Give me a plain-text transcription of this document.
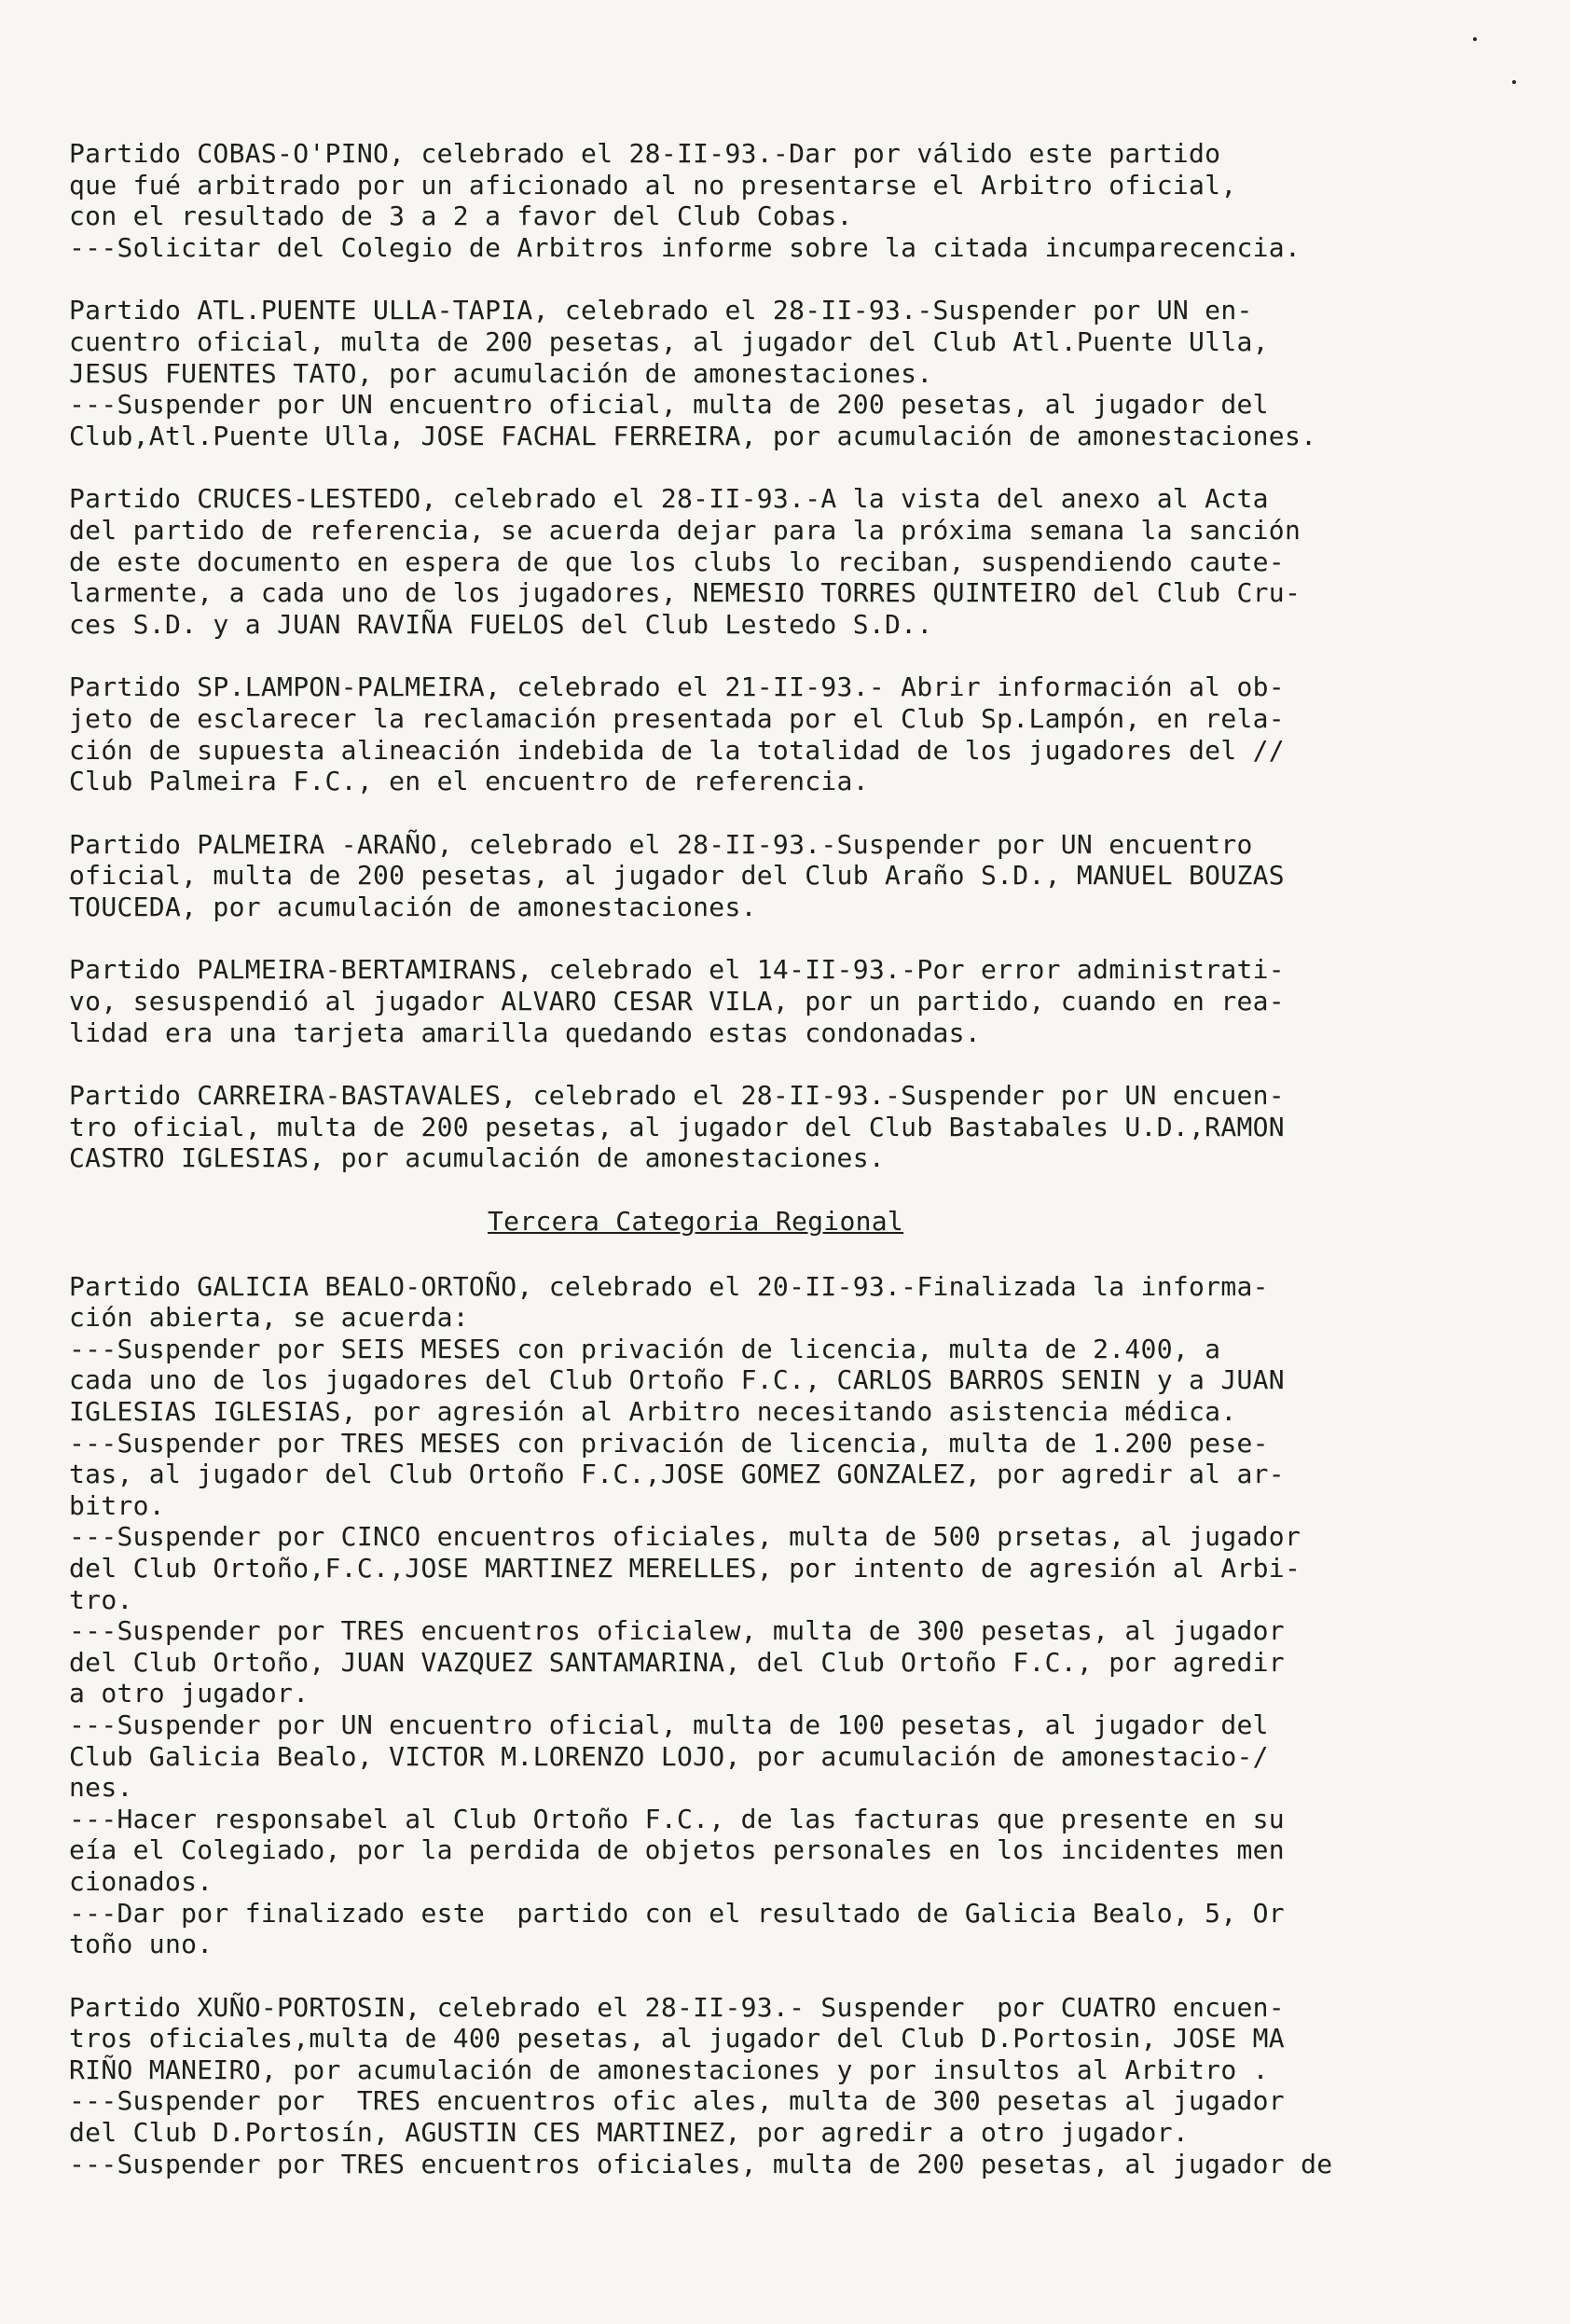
Partido COBAS-O'PINO, celebrado el 28-II-93.-Dar por válido este partido
que fué arbitrado por un aficionado al no presentarse el Arbitro oficial,
con el resultado de 3 a 2 a favor del Club Cobas.
---Solicitar del Colegio de Arbitros informe sobre la citada incumparecencia.
Partido ATL.PUENTE ULLA-TAPIA, celebrado el 28-II-93.-Suspender por UN en-
cuentro oficial, multa de 200 pesetas, al jugador del Club Atl.Puente Ulla,
JESUS FUENTES TATO, por acumulación de amonestaciones.
---Suspender por UN encuentro oficial, multa de 200 pesetas, al jugador del
Club,Atl.Puente Ulla, JOSE FACHAL FERREIRA, por acumulación de amonestaciones.
Partido CRUCES-LESTEDO, celebrado el 28-II-93.-A la vista del anexo al Acta
del partido de referencia, se acuerda dejar para la próxima semana la sanción
de este documento en espera de que los clubs lo reciban, suspendiendo caute-
larmente, a cada uno de los jugadores, NEMESIO TORRES QUINTEIRO del Club Cru-
ces S.D. y a JUAN RAVIÑA FUELOS del Club Lestedo S.D..
Partido SP.LAMPON-PALMEIRA, celebrado el 21-II-93.- Abrir información al ob-
jeto de esclarecer la reclamación presentada por el Club Sp.Lampón, en rela-
ción de supuesta alineación indebida de la totalidad de los jugadores del //
Club Palmeira F.C., en el encuentro de referencia.
Partido PALMEIRA -ARAÑO, celebrado el 28-II-93.-Suspender por UN encuentro
oficial, multa de 200 pesetas, al jugador del Club Araño S.D., MANUEL BOUZAS
TOUCEDA, por acumulación de amonestaciones.
Partido PALMEIRA-BERTAMIRANS, celebrado el 14-II-93.-Por error administrati-
vo, sesuspendió al jugador ALVARO CESAR VILA, por un partido, cuando en rea-
lidad era una tarjeta amarilla quedando estas condonadas.
Partido CARREIRA-BASTAVALES, celebrado el 28-II-93.-Suspender por UN encuen-
tro oficial, multa de 200 pesetas, al jugador del Club Bastabales U.D.,RAMON
CASTRO IGLESIAS, por acumulación de amonestaciones.
Tercera Categoria Regional
Partido GALICIA BEALO-ORTOÑO, celebrado el 20-II-93.-Finalizada la informa-
ción abierta, se acuerda:
---Suspender por SEIS MESES con privación de licencia, multa de 2.400, a
cada uno de los jugadores del Club Ortoño F.C., CARLOS BARROS SENIN y a JUAN
IGLESIAS IGLESIAS, por agresión al Arbitro necesitando asistencia médica.
---Suspender por TRES MESES con privación de licencia, multa de 1.200 pese-
tas, al jugador del Club Ortoño F.C.,JOSE GOMEZ GONZALEZ, por agredir al ar-
bitro.
---Suspender por CINCO encuentros oficiales, multa de 500 prsetas, al jugador
del Club Ortoño,F.C.,JOSE MARTINEZ MERELLES, por intento de agresión al Arbi-
tro.
---Suspender por TRES encuentros oficialew, multa de 300 pesetas, al jugador
del Club Ortoño, JUAN VAZQUEZ SANTAMARINA, del Club Ortoño F.C., por agredir
a otro jugador.
---Suspender por UN encuentro oficial, multa de 100 pesetas, al jugador del
Club Galicia Bealo, VICTOR M.LORENZO LOJO, por acumulación de amonestacio-/
nes.
---Hacer responsabel al Club Ortoño F.C., de las facturas que presente en su
eía el Colegiado, por la perdida de objetos personales en los incidentes men
cionados.
---Dar por finalizado este  partido con el resultado de Galicia Bealo, 5, Or
toño uno.
Partido XUÑO-PORTOSIN, celebrado el 28-II-93.- Suspender  por CUATRO encuen-
tros oficiales,multa de 400 pesetas, al jugador del Club D.Portosin, JOSE MA
RIÑO MANEIRO, por acumulación de amonestaciones y por insultos al Arbitro .
---Suspender por  TRES encuentros ofic ales, multa de 300 pesetas al jugador
del Club D.Portosín, AGUSTIN CES MARTINEZ, por agredir a otro jugador.
---Suspender por TRES encuentros oficiales, multa de 200 pesetas, al jugador de
